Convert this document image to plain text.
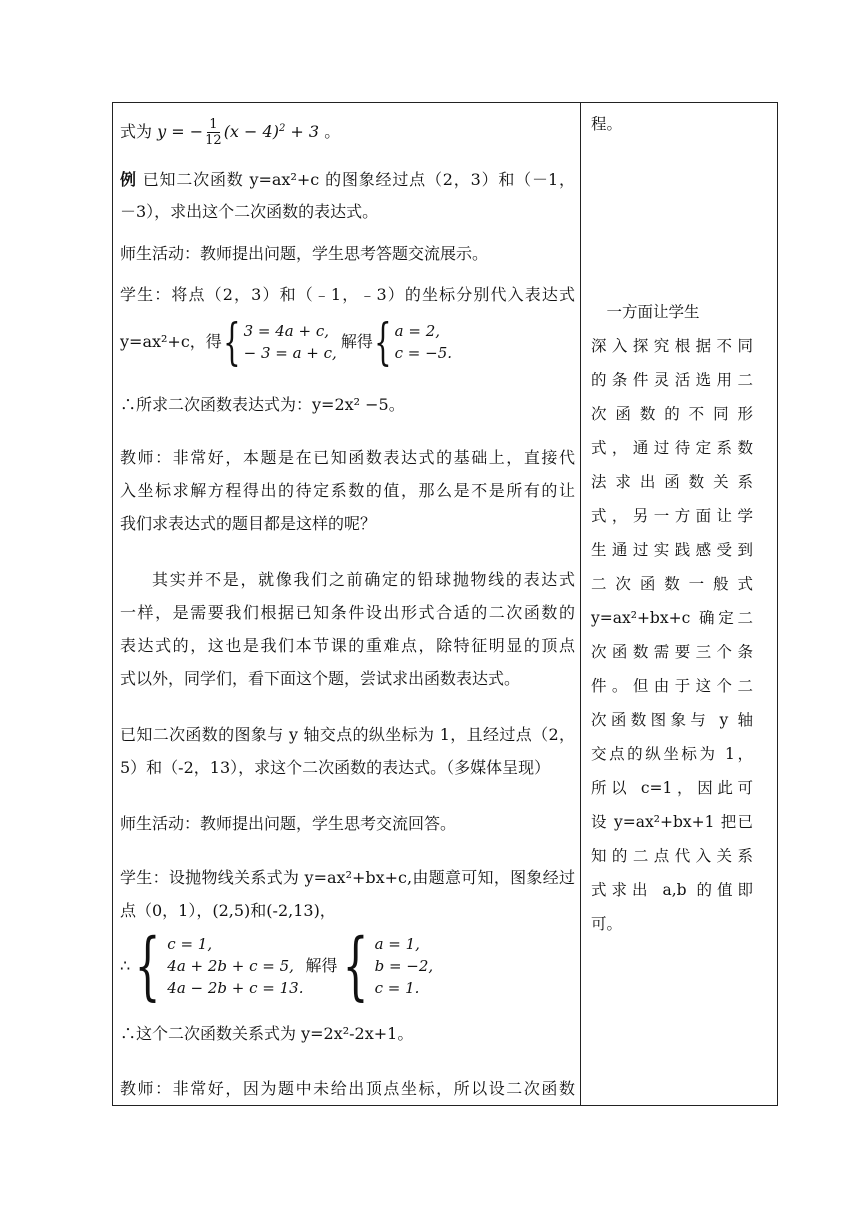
式为 y = − $\frac{1}{12} (x - 4)^2 + 3$ 。
例 已知二次函数 y=ax²+c 的图象经过点（2，3）和（－1，
－3），求出这个二次函数的表达式。
师生活动：教师提出问题，学生思考答题交流展示。
学生：将点（2，3）和（﹣1，﹣3）的坐标分别代入表达式
y=ax²+c，得 { 3 = 4a + c,
− 3 = a + c,
解得 { a = 2,
c = −5.
∴所求二次函数表达式为：y=2x² −5。
教师：非常好，本题是在已知函数表达式的基础上，直接代
入坐标求解方程得出的待定系数的值，那么是不是所有的让
我们求表达式的题目都是这样的呢？
其实并不是，就像我们之前确定的铅球抛物线的表达式
一样，是需要我们根据已知条件设出形式合适的二次函数的
表达式的，这也是我们本节课的重难点，除特征明显的顶点
式以外，同学们，看下面这个题，尝试求出函数表达式。
已知二次函数的图象与 y 轴交点的纵坐标为 1，且经过点（2，
5）和（-2，13），求这个二次函数的表达式。（多媒体呈现）
师生活动：教师提出问题，学生思考交流回答。
学生：设抛物线关系式为 y=ax²+bx+c,由题意可知，图象经过
点（0，1），(2,5)和(-2,13)，
∴ { c = 1,
4a + 2b + c = 5,
4a − 2b + c = 13.
解得 { a = 1,
b = −2,
c = 1.
∴这个二次函数关系式为 y=2x²-2x+1。
教师：非常好，因为题中未给出顶点坐标，所以设二次函数
程。
　一方面让学生
深入探究根据不同
的条件灵活选用二
次函数的不同形
式，通过待定系数
法求出函数关系
式，另一方面让学
生通过实践感受到
二次函数一般式
y=ax²+bx+c 确定二
次函数需要三个条
件。但由于这个二
次函数图象与 y 轴
交点的纵坐标为 1，
所以 c=1，因此可
设 y=ax²+bx+1 把已
知的二点代入关系
式求出 a,b 的值即
可。
